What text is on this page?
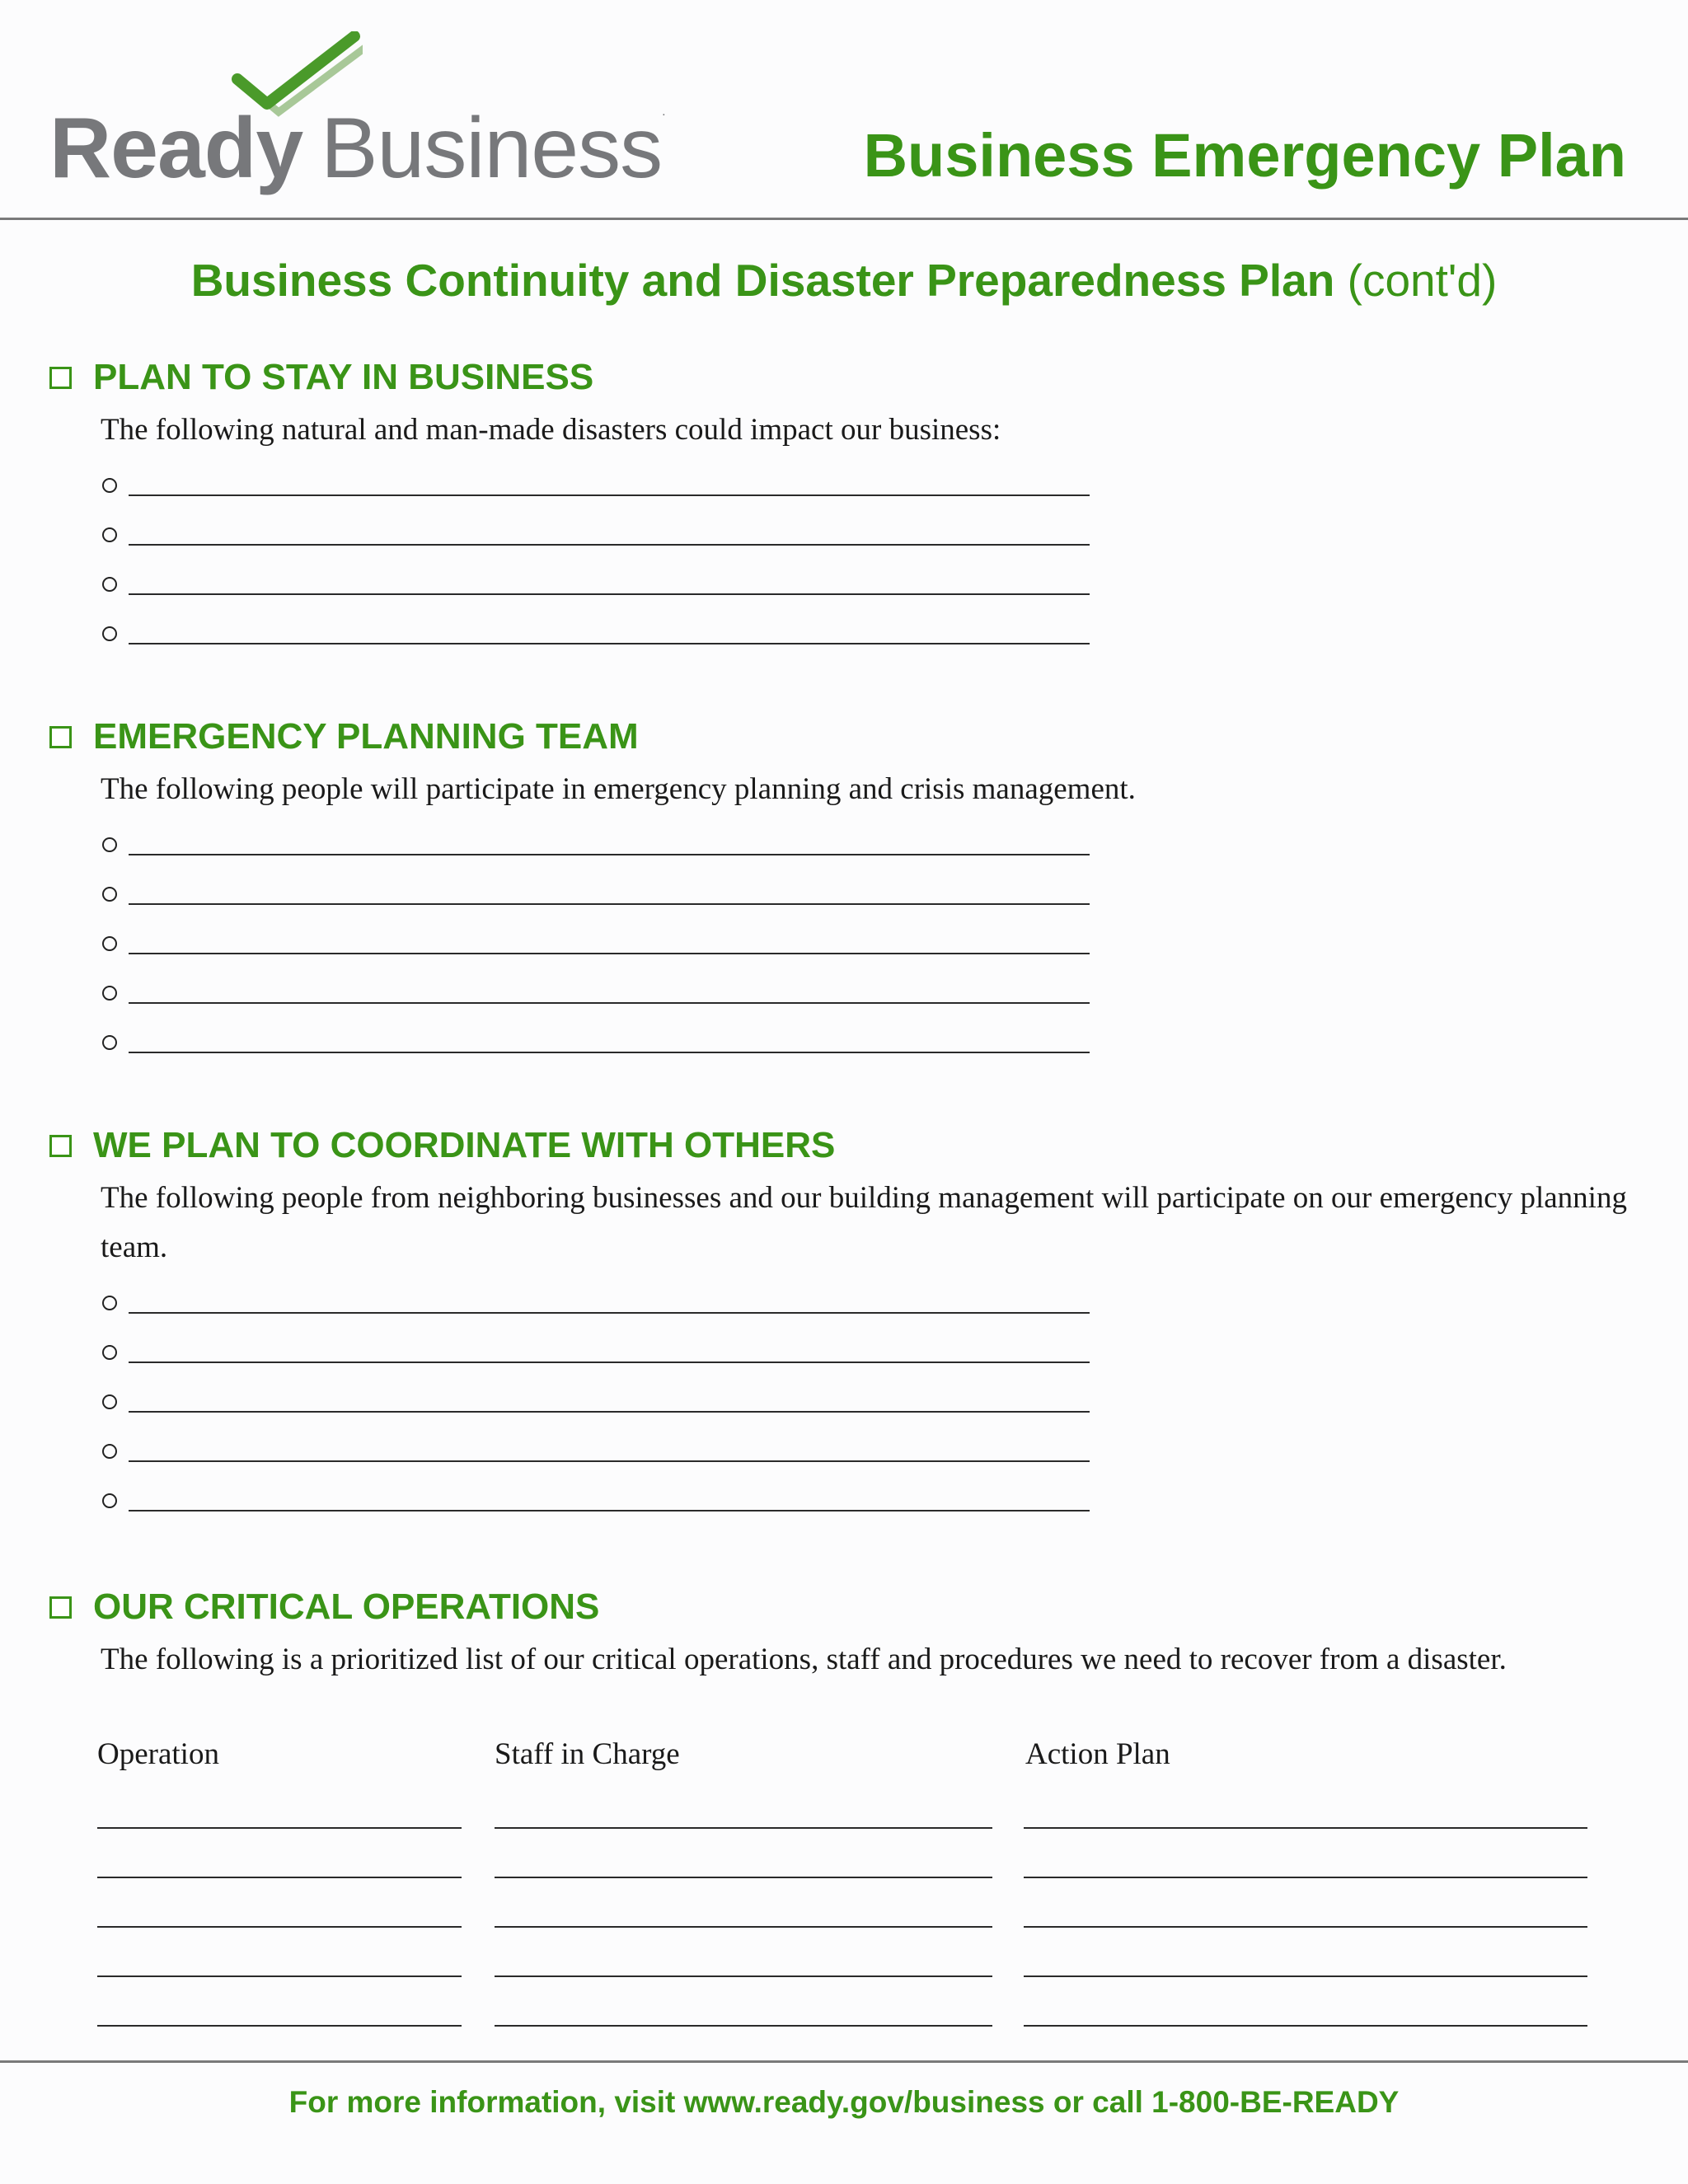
Ready Business.
Business Emergency Plan
Business Continuity and Disaster Preparedness Plan (cont'd)
PLAN TO STAY IN BUSINESS
The following natural and man-made disasters could impact our business:
EMERGENCY PLANNING TEAM
The following people will participate in emergency planning and crisis management.
WE PLAN TO COORDINATE WITH OTHERS
The following people from neighboring businesses and our building management will participate on our emergency planning team.
OUR CRITICAL OPERATIONS
The following is a prioritized list of our critical operations, staff and procedures we need to recover from a disaster.
Operation	Staff in Charge	Action Plan
For more information, visit www.ready.gov/business or call 1-800-BE-READY
